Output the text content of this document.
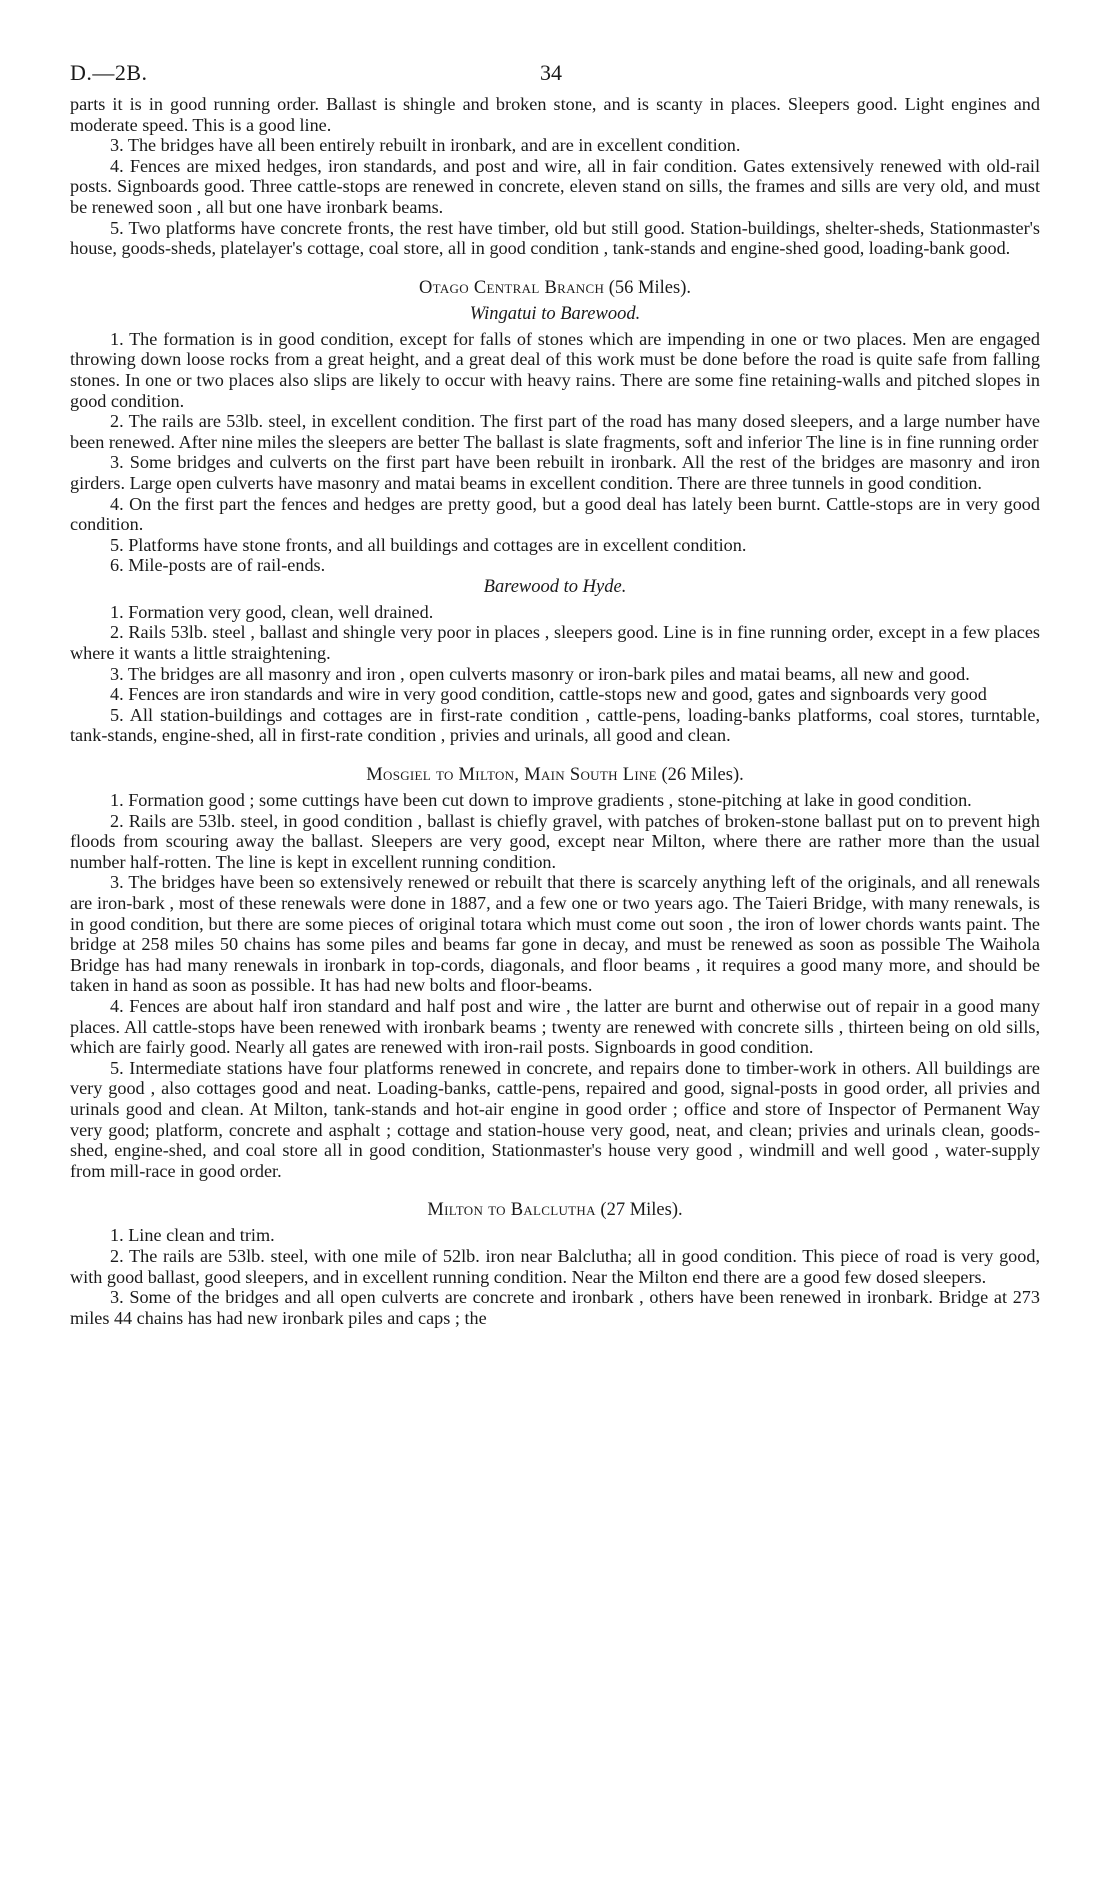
D.—2B.	34

parts it is in good running order. Ballast is shingle and broken stone, and is scanty in places. Sleepers good. Light engines and moderate speed. This is a good line.

3. The bridges have all been entirely rebuilt in ironbark, and are in excellent condition.

4. Fences are mixed hedges, iron standards, and post and wire, all in fair condition. Gates extensively renewed with old-rail posts. Signboards good. Three cattle-stops are renewed in concrete, eleven stand on sills, the frames and sills are very old, and must be renewed soon , all but one have ironbark beams.

5. Two platforms have concrete fronts, the rest have timber, old but still good. Station-buildings, shelter-sheds, Stationmaster's house, goods-sheds, platelayer's cottage, coal store, all in good condition , tank-stands and engine-shed good, loading-bank good.

Otago Central Branch (56 Miles).
Wingatui to Barewood.

1. The formation is in good condition, except for falls of stones which are impending in one or two places. Men are engaged throwing down loose rocks from a great height, and a great deal of this work must be done before the road is quite safe from falling stones. In one or two places also slips are likely to occur with heavy rains. There are some fine retaining-walls and pitched slopes in good condition.

2. The rails are 53lb. steel, in excellent condition. The first part of the road has many dosed sleepers, and a large number have been renewed. After nine miles the sleepers are better The ballast is slate fragments, soft and inferior The line is in fine running order

3. Some bridges and culverts on the first part have been rebuilt in ironbark. All the rest of the bridges are masonry and iron girders. Large open culverts have masonry and matai beams in excellent condition. There are three tunnels in good condition.

4. On the first part the fences and hedges are pretty good, but a good deal has lately been burnt. Cattle-stops are in very good condition.

5. Platforms have stone fronts, and all buildings and cottages are in excellent condition.

6. Mile-posts are of rail-ends.

Barewood to Hyde.

1. Formation very good, clean, well drained.

2. Rails 53lb. steel , ballast and shingle very poor in places , sleepers good. Line is in fine running order, except in a few places where it wants a little straightening.

3. The bridges are all masonry and iron , open culverts masonry or iron-bark piles and matai beams, all new and good.

4. Fences are iron standards and wire in very good condition, cattle-stops new and good, gates and signboards very good

5. All station-buildings and cottages are in first-rate condition , cattle-pens, loading-banks platforms, coal stores, turntable, tank-stands, engine-shed, all in first-rate condition , privies and urinals, all good and clean.

Mosgiel to Milton, Main South Line (26 Miles).

1. Formation good ; some cuttings have been cut down to improve gradients , stone-pitching at lake in good condition.

2. Rails are 53lb. steel, in good condition , ballast is chiefly gravel, with patches of broken-stone ballast put on to prevent high floods from scouring away the ballast. Sleepers are very good, except near Milton, where there are rather more than the usual number half-rotten. The line is kept in excellent running condition.

3. The bridges have been so extensively renewed or rebuilt that there is scarcely anything left of the originals, and all renewals are iron-bark , most of these renewals were done in 1887, and a few one or two years ago. The Taieri Bridge, with many renewals, is in good condition, but there are some pieces of original totara which must come out soon , the iron of lower chords wants paint. The bridge at 258 miles 50 chains has some piles and beams far gone in decay, and must be renewed as soon as possible The Waihola Bridge has had many renewals in ironbark in top-cords, diagonals, and floor beams , it requires a good many more, and should be taken in hand as soon as possible. It has had new bolts and floor-beams.

4. Fences are about half iron standard and half post and wire , the latter are burnt and otherwise out of repair in a good many places. All cattle-stops have been renewed with ironbark beams ; twenty are renewed with concrete sills , thirteen being on old sills, which are fairly good. Nearly all gates are renewed with iron-rail posts. Signboards in good condition.

5. Intermediate stations have four platforms renewed in concrete, and repairs done to timber-work in others. All buildings are very good , also cottages good and neat. Loading-banks, cattle-pens, repaired and good, signal-posts in good order, all privies and urinals good and clean. At Milton, tank-stands and hot-air engine in good order ; office and store of Inspector of Permanent Way very good; platform, concrete and asphalt ; cottage and station-house very good, neat, and clean; privies and urinals clean, goods-shed, engine-shed, and coal store all in good condition, Stationmaster's house very good , windmill and well good , water-supply from mill-race in good order.

Milton to Balclutha (27 Miles).

1. Line clean and trim.

2. The rails are 53lb. steel, with one mile of 52lb. iron near Balclutha; all in good condition. This piece of road is very good, with good ballast, good sleepers, and in excellent running condition. Near the Milton end there are a good few dosed sleepers.

3. Some of the bridges and all open culverts are concrete and ironbark , others have been renewed in ironbark. Bridge at 273 miles 44 chains has had new ironbark piles and caps ; the
